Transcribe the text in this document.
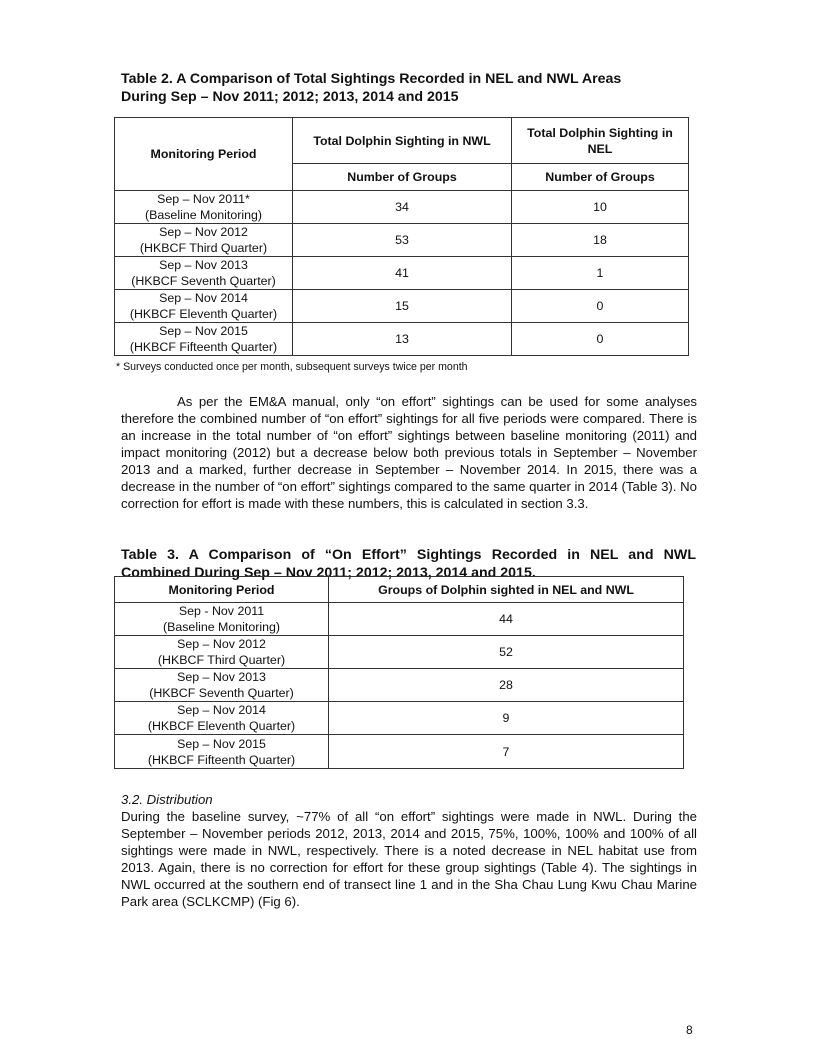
Table 2. A Comparison of Total Sightings Recorded in NEL and NWL Areas
During Sep – Nov 2011; 2012; 2013, 2014 and 2015

Monitoring Period	Total Dolphin Sighting in NWL	Total Dolphin Sighting in NEL
	Number of Groups	Number of Groups

Sep – Nov 2011*
(Baseline Monitoring)	34	10

Sep – Nov 2012
(HKBCF Third Quarter)	53	18

Sep – Nov 2013
(HKBCF Seventh Quarter)	41	1

Sep – Nov 2014
(HKBCF Eleventh Quarter)	15	0

Sep – Nov 2015
(HKBCF Fifteenth Quarter)	13	0

* Surveys conducted once per month, subsequent surveys twice per month

As per the EM&A manual, only “on effort” sightings can be used for some analyses therefore the combined number of “on effort” sightings for all five periods were compared. There is an increase in the total number of “on effort” sightings between baseline monitoring (2011) and impact monitoring (2012) but a decrease below both previous totals in September – November 2013 and a marked, further decrease in September – November 2014. In 2015, there was a decrease in the number of “on effort” sightings compared to the same quarter in 2014 (Table 3). No correction for effort is made with these numbers, this is calculated in section 3.3.

Table 3. A Comparison of “On Effort” Sightings Recorded in NEL and NWL
Combined During Sep – Nov 2011; 2012; 2013, 2014 and 2015.

Monitoring Period	Groups of Dolphin sighted in NEL and NWL

Sep - Nov 2011
(Baseline Monitoring)	44

Sep – Nov 2012
(HKBCF Third Quarter)	52

Sep – Nov 2013
(HKBCF Seventh Quarter)	28

Sep – Nov 2014
(HKBCF Eleventh Quarter)	9

Sep – Nov 2015
(HKBCF Fifteenth Quarter)	7

3.2. Distribution

During the baseline survey, ~77% of all “on effort” sightings were made in NWL. During the September – November periods 2012, 2013, 2014 and 2015, 75%, 100%, 100% and 100% of all sightings were made in NWL, respectively. There is a noted decrease in NEL habitat use from 2013. Again, there is no correction for effort for these group sightings (Table 4). The sightings in NWL occurred at the southern end of transect line 1 and in the Sha Chau Lung Kwu Chau Marine Park area (SCLKCMP) (Fig 6).

8
